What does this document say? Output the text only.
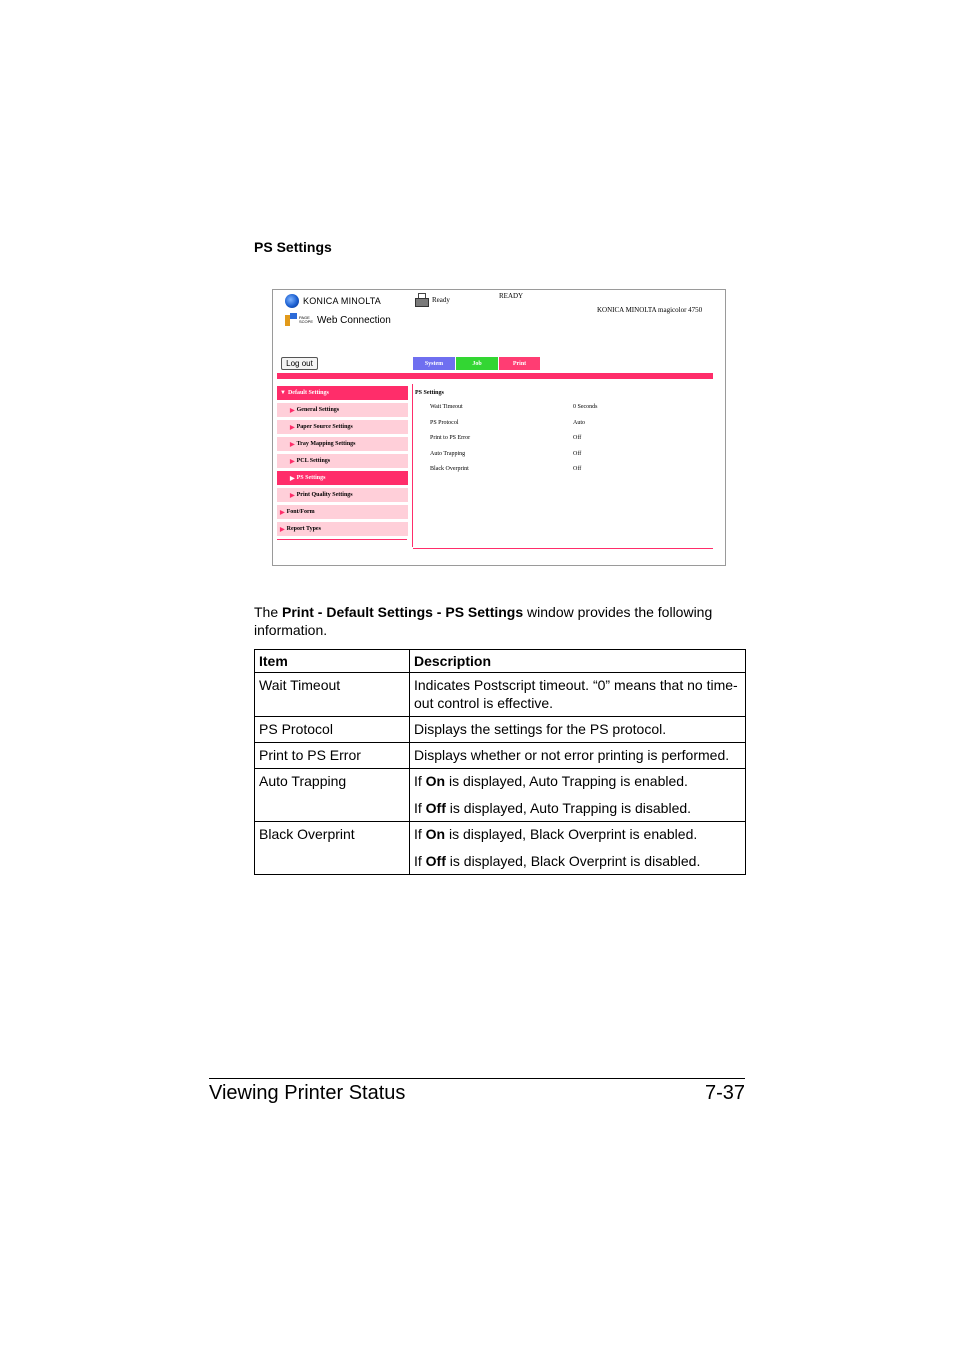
PS Settings
KONICA MINOLTA
PAGE SCOPE Web Connection
Ready	READY
KONICA MINOLTA magicolor 4750
Log out	System	Job	Print
▼ Default Settings
▶ General Settings
▶ Paper Source Settings
▶ Tray Mapping Settings
▶ PCL Settings
▶ PS Settings
▶ Print Quality Settings
▶ Font/Form
▶ Report Types
PS Settings
Wait Timeout	0 Seconds
PS Protocol	Auto
Print to PS Error	Off
Auto Trapping	Off
Black Overprint	Off
The Print - Default Settings - PS Settings window provides the following information.
Item	Description
Wait Timeout	Indicates Postscript timeout. “0” means that no time-out control is effective.
PS Protocol	Displays the settings for the PS protocol.
Print to PS Error	Displays whether or not error printing is performed.
Auto Trapping	If On is displayed, Auto Trapping is enabled.

If Off is displayed, Auto Trapping is disabled.

Black Overprint	If On is displayed, Black Overprint is enabled.

If Off is displayed, Black Overprint is disabled.

Viewing Printer Status	7-37
